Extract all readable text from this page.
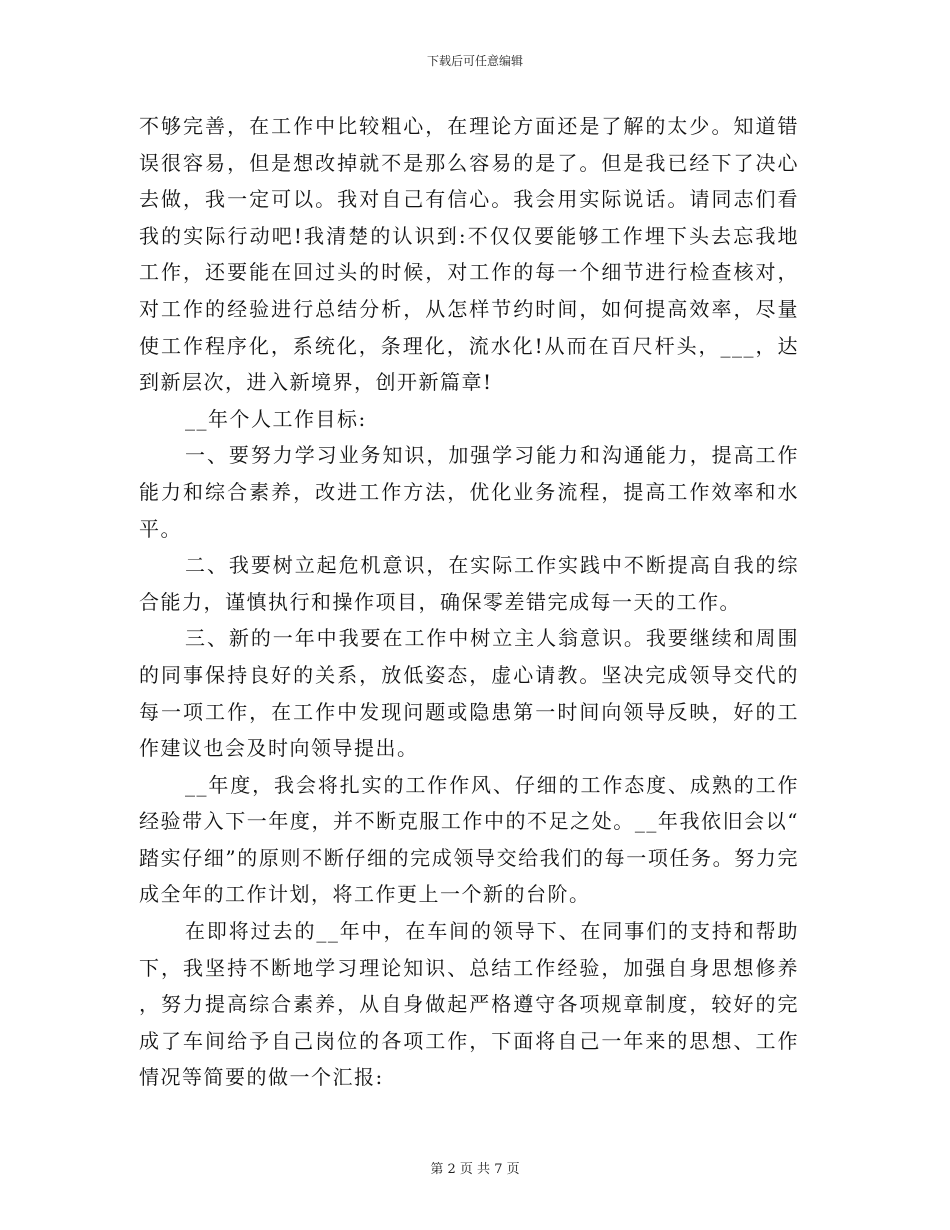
下载后可任意编辑

不够完善，在工作中比较粗心，在理论方面还是了解的太少。知道错误很容易，但是想改掉就不是那么容易的是了。但是我已经下了决心去做，我一定可以。我对自己有信心。我会用实际说话。请同志们看我的实际行动吧!我清楚的认识到:不仅仅要能够工作埋下头去忘我地工作，还要能在回过头的时候，对工作的每一个细节进行检查核对，对工作的经验进行总结分析，从怎样节约时间，如何提高效率，尽量使工作程序化，系统化，条理化，流水化!从而在百尺杆头，___，达到新层次，进入新境界，创开新篇章!

__年个人工作目标:

一、要努力学习业务知识，加强学习能力和沟通能力，提高工作能力和综合素养，改进工作方法，优化业务流程，提高工作效率和水平。

二、我要树立起危机意识，在实际工作实践中不断提高自我的综合能力，谨慎执行和操作项目，确保零差错完成每一天的工作。

三、新的一年中我要在工作中树立主人翁意识。我要继续和周围的同事保持良好的关系，放低姿态，虚心请教。坚决完成领导交代的每一项工作，在工作中发现问题或隐患第一时间向领导反映，好的工作建议也会及时向领导提出。

__年度，我会将扎实的工作作风、仔细的工作态度、成熟的工作经验带入下一年度，并不断克服工作中的不足之处。__年我依旧会以“踏实仔细”的原则不断仔细的完成领导交给我们的每一项任务。努力完成全年的工作计划，将工作更上一个新的台阶。

在即将过去的__年中，在车间的领导下、在同事们的支持和帮助下，我坚持不断地学习理论知识、总结工作经验，加强自身思想修养，努力提高综合素养，从自身做起严格遵守各项规章制度，较好的完成了车间给予自己岗位的各项工作，下面将自己一年来的思想、工作情况等简要的做一个汇报:

第 2 页 共 7 页
